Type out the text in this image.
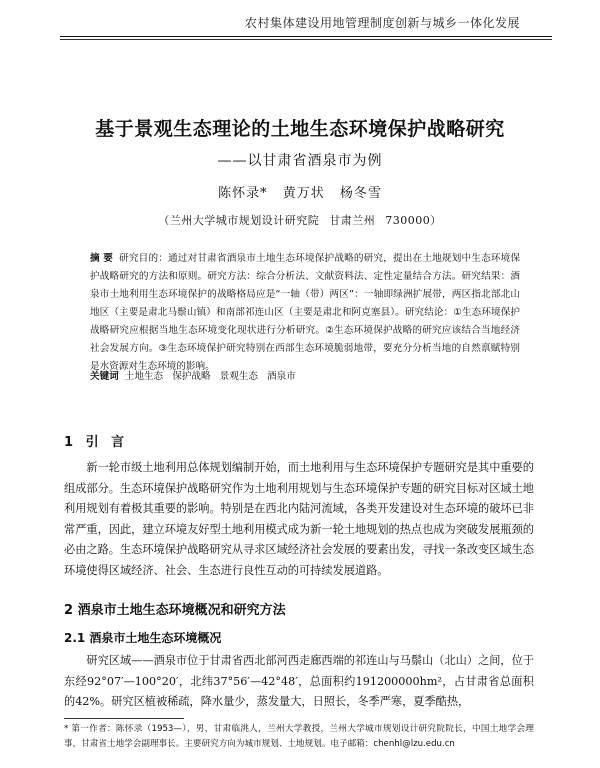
农村集体建设用地管理制度创新与城乡一体化发展
基于景观生态理论的土地生态环境保护战略研究
——以甘肃省酒泉市为例
陈怀录* 黄万状 杨冬雪
（兰州大学城市规划设计研究院 甘肃兰州 730000）
摘 要 研究目的：通过对甘肃省酒泉市土地生态环境保护战略的研究，提出在土地规划中生态环境保护战略研究的方法和原则。研究方法：综合分析法、文献资料法、定性定量结合方法。研究结果：酒泉市土地利用生态环境保护的战略格局应是“一轴（带）两区”：一轴即绿洲扩展带，两区指北部北山地区（主要是肃北马鬃山镇）和南部祁连山区（主要是肃北和阿克塞县）。研究结论：①生态环境保护战略研究应根据当地生态环境变化现状进行分析研究。②生态环境保护战略的研究应该结合当地经济社会发展方向。③生态环境保护研究特别在西部生态环境脆弱地带，要充分分析当地的自然禀赋特别是水资源对生态环境的影响。
关键词 土地生态 保护战略 景观生态 酒泉市
1 引 言
新一轮市级土地利用总体规划编制开始，而土地利用与生态环境保护专题研究是其中重要的组成部分。生态环境保护战略研究作为土地利用规划与生态环境保护专题的研究目标对区域土地利用规划有着极其重要的影响。特别是在西北内陆河流域，各类开发建设对生态环境的破坏已非常严重，因此，建立环境友好型土地利用模式成为新一轮土地规划的热点也成为突破发展瓶颈的必由之路。生态环境保护战略研究从寻求区域经济社会发展的要素出发，寻找一条改变区域生态环境使得区域经济、社会、生态进行良性互动的可持续发展道路。
2 酒泉市土地生态环境概况和研究方法
2.1 酒泉市土地生态环境概况
研究区域——酒泉市位于甘肃省西北部河西走廊西端的祁连山与马鬃山（北山）之间，位于东经92°07′—100°20′，北纬37°56′—42°48′，总面积约191200000hm²，占甘肃省总面积的42%。研究区植被稀疏，降水量少，蒸发量大，日照长，冬季严寒，夏季酷热，
* 第一作者：陈怀录（1953—），男，甘肃临洮人，兰州大学教授，兰州大学城市规划设计研究院院长，中国土地学会理事，甘肃省土地学会副理事长。主要研究方向为城市规划、土地规划。电子邮箱：chenhl@lzu.edu.cn
